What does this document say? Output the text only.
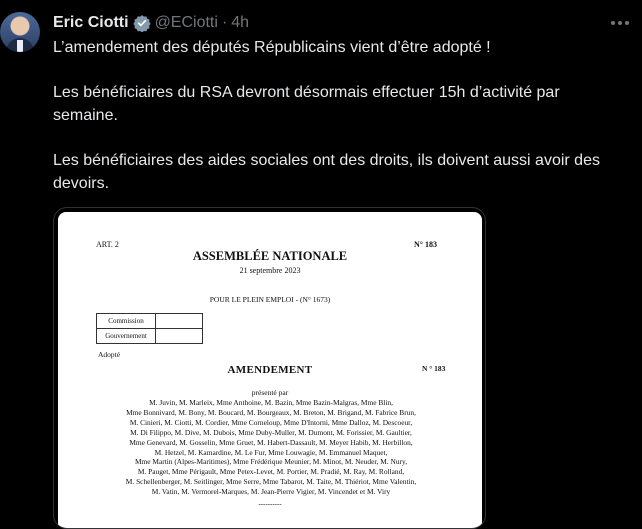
Eric Ciotti @ECiotti · 4h

L’amendement des députés Républicains vient d’être adopté !

Les bénéficiaires du RSA devront désormais effectuer 15h d’activité par semaine.

Les bénéficiaires des aides sociales ont des droits, ils doivent aussi avoir des devoirs.

ART. 2	N° 183
ASSEMBLÉE NATIONALE
21 septembre 2023
POUR LE PLEIN EMPLOI - (N° 1673)
Commission	
Gouvernement	
Adopté
AMENDEMENT	N ° 183
présenté par
M. Juvin, M. Marleix, Mme Anthoine, M. Bazin, Mme Bazin-Malgras, Mme Blin,
Mme Bonnivard, M. Bony, M. Boucard, M. Bourgeaux, M. Breton, M. Brigand, M. Fabrice Brun,
M. Cinieri, M. Ciotti, M. Cordier, Mme Corneloup, Mme D'Intorni, Mme Dalloz, M. Descoeur,
M. Di Filippo, M. Dive, M. Dubois, Mme Duby-Muller, M. Dumont, M. Forissier, M. Gaultier,
Mme Genevard, M. Gosselin, Mme Gruet, M. Habert-Dassault, M. Meyer Habib, M. Herbillon,
M. Hetzel, M. Kamardine, M. Le Fur, Mme Louwagie, M. Emmanuel Maquet,
Mme Martin (Alpes-Maritimes), Mme Frédérique Meunier, M. Minot, M. Neuder, M. Nury,
M. Pauget, Mme Périgault, Mme Petex-Levet, M. Portier, M. Pradié, M. Ray, M. Rolland,
M. Schellenberger, M. Seitlinger, Mme Serre, Mme Tabarot, M. Taite, M. Thiériot, Mme Valentin,
M. Vatin, M. Vermorel-Marques, M. Jean-Pierre Vigier, M. Vincendet et M. Viry
----------
